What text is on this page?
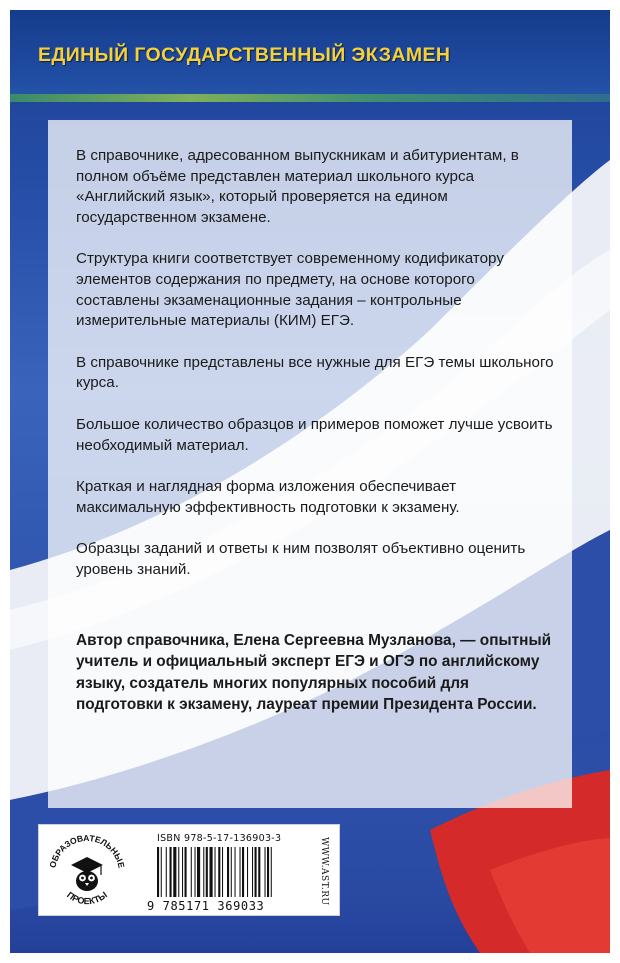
ЕДИНЫЙ ГОСУДАРСТВЕННЫЙ ЭКЗАМЕН

В справочнике, адресованном выпускникам и абитуриентам, в полном объёме представлен материал школьного курса «Английский язык», который проверяется на едином государственном экзамене.

Структура книги соответствует современному кодификатору элементов содержания по предмету, на основе которого составлены экзаменационные задания – контрольные измерительные материалы (КИМ) ЕГЭ.

В справочнике представлены все нужные для ЕГЭ темы школьного курса.

Большое количество образцов и примеров поможет лучше усвоить необходимый материал.

Краткая и наглядная форма изложения обеспечивает максимальную эффективность подготовки к экзамену.

Образцы заданий и ответы к ним позволят объективно оценить уровень знаний.

Автор справочника, Елена Сергеевна Музланова, — опытный учитель и официальный эксперт ЕГЭ и ОГЭ по английскому языку, создатель многих популярных пособий для подготовки к экзамену, лауреат премии Президента России.
ОБРАЗОВАТЕЛЬНЫЕ
ПРОЕКТЫ
ISBN 978-5-17-136903-3
9 785171 369033
WWW.AST.RU
